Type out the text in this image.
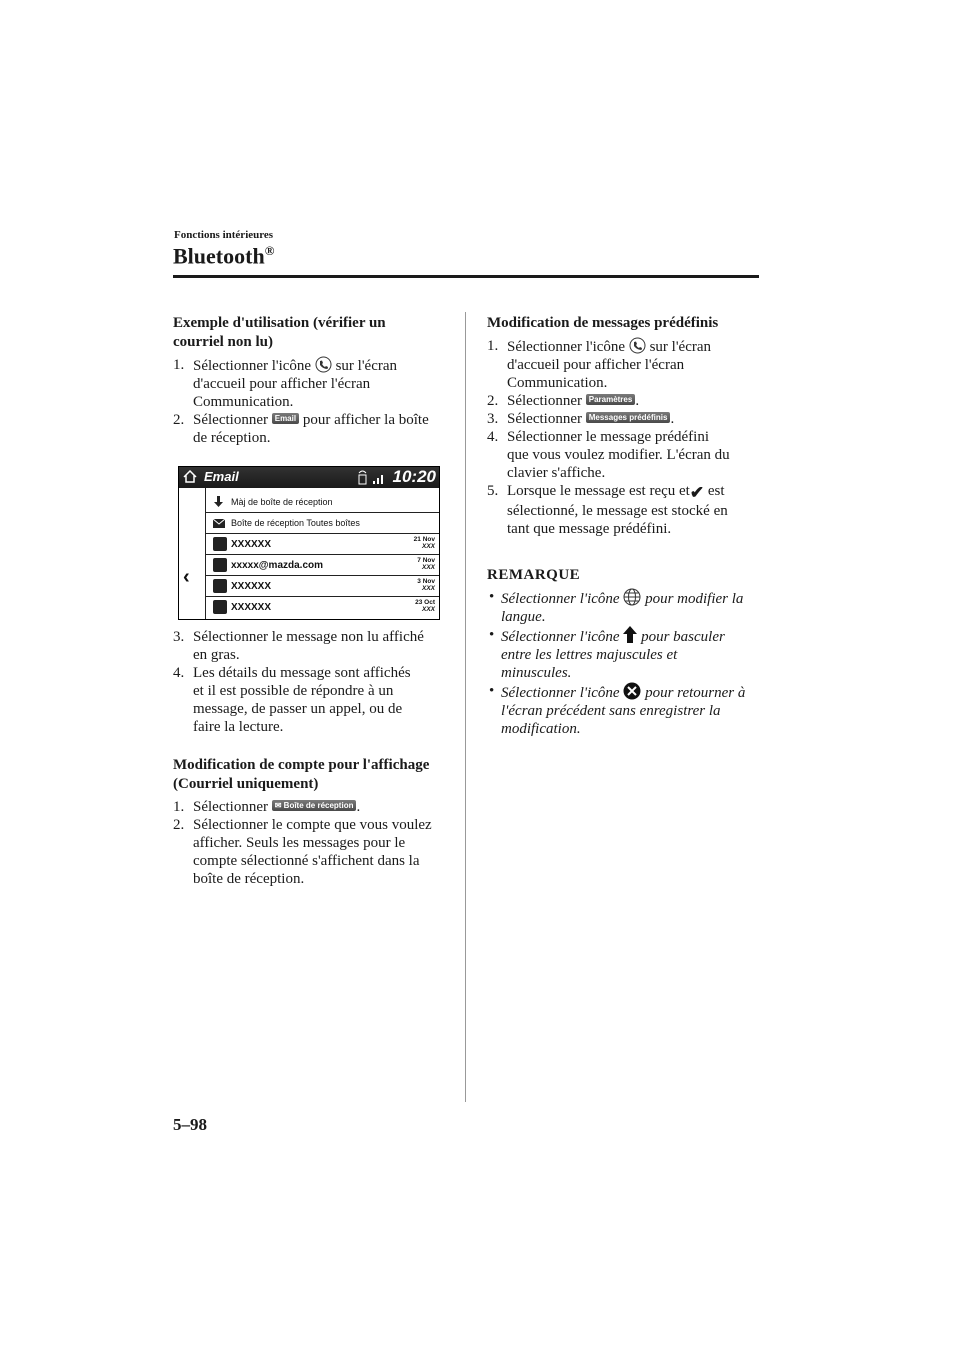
Fonctions intérieures
Bluetooth®
Exemple d'utilisation (vérifier un
courriel non lu)
1. Sélectionner l'icône sur l'écran
d'accueil pour afficher l'écran
Communication.
2. Sélectionner Email pour afficher la boîte
de réception.
Email	10:20
‹
Màj de boîte de réception
Boîte de réception Toutes boîtes
XXXXXX	21 Nov
XXX
xxxxx@mazda.com	7 Nov
XXX
XXXXXX	3 Nov
XXX
XXXXXX	23 Oct
XXX
3. Sélectionner le message non lu affiché
en gras.
4. Les détails du message sont affichés
et il est possible de répondre à un
message, de passer un appel, ou de
faire la lecture.
Modification de compte pour l'affichage
(Courriel uniquement)
1. Sélectionner ✉ Boîte de réception .
2. Sélectionner le compte que vous voulez
afficher. Seuls les messages pour le
compte sélectionné s'affichent dans la
boîte de réception.
Modification de messages prédéfinis
1. Sélectionner l'icône sur l'écran
d'accueil pour afficher l'écran
Communication.
2. Sélectionner Paramètres .
3. Sélectionner Messages prédéfinis .
4. Sélectionner le message prédéfini
que vous voulez modifier. L'écran du
clavier s'affiche.
5. Lorsque le message est reçu et✔ est
sélectionné, le message est stocké en
tant que message prédéfini.
REMARQUE
• Sélectionner l'icône pour modifier la
langue.
• Sélectionner l'icône pour basculer
entre les lettres majuscules et
minuscules.
• Sélectionner l'icône pour retourner à
l'écran précédent sans enregistrer la
modification.
5–98
